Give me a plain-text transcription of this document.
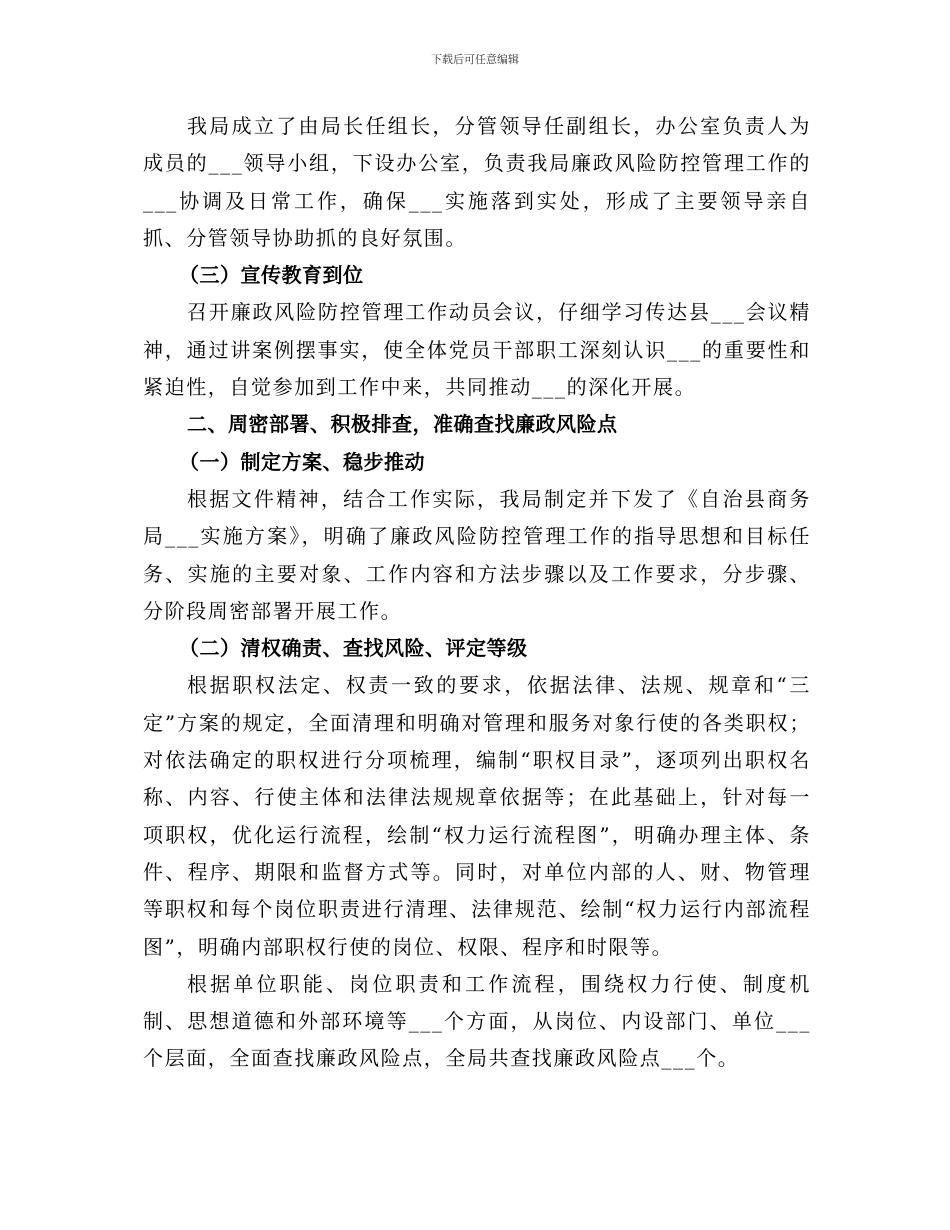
下载后可任意编辑

我局成立了由局长任组长，分管领导任副组长，办公室负责人为成员的___领导小组，下设办公室，负责我局廉政风险防控管理工作的___协调及日常工作，确保___实施落到实处，形成了主要领导亲自抓、分管领导协助抓的良好氛围。

（三）宣传教育到位

召开廉政风险防控管理工作动员会议，仔细学习传达县___会议精神，通过讲案例摆事实，使全体党员干部职工深刻认识___的重要性和紧迫性，自觉参加到工作中来，共同推动___的深化开展。

二、周密部署、积极排查，准确查找廉政风险点

（一）制定方案、稳步推动

根据文件精神，结合工作实际，我局制定并下发了《自治县商务局___实施方案》，明确了廉政风险防控管理工作的指导思想和目标任务、实施的主要对象、工作内容和方法步骤以及工作要求，分步骤、分阶段周密部署开展工作。

（二）清权确责、查找风险、评定等级

根据职权法定、权责一致的要求，依据法律、法规、规章和“三定”方案的规定，全面清理和明确对管理和服务对象行使的各类职权；对依法确定的职权进行分项梳理，编制“职权目录”，逐项列出职权名称、内容、行使主体和法律法规规章依据等；在此基础上，针对每一项职权，优化运行流程，绘制“权力运行流程图”，明确办理主体、条件、程序、期限和监督方式等。同时，对单位内部的人、财、物管理等职权和每个岗位职责进行清理、法律规范、绘制“权力运行内部流程图”，明确内部职权行使的岗位、权限、程序和时限等。

根据单位职能、岗位职责和工作流程，围绕权力行使、制度机制、思想道德和外部环境等___个方面，从岗位、内设部门、单位___个层面，全面查找廉政风险点，全局共查找廉政风险点___个。
